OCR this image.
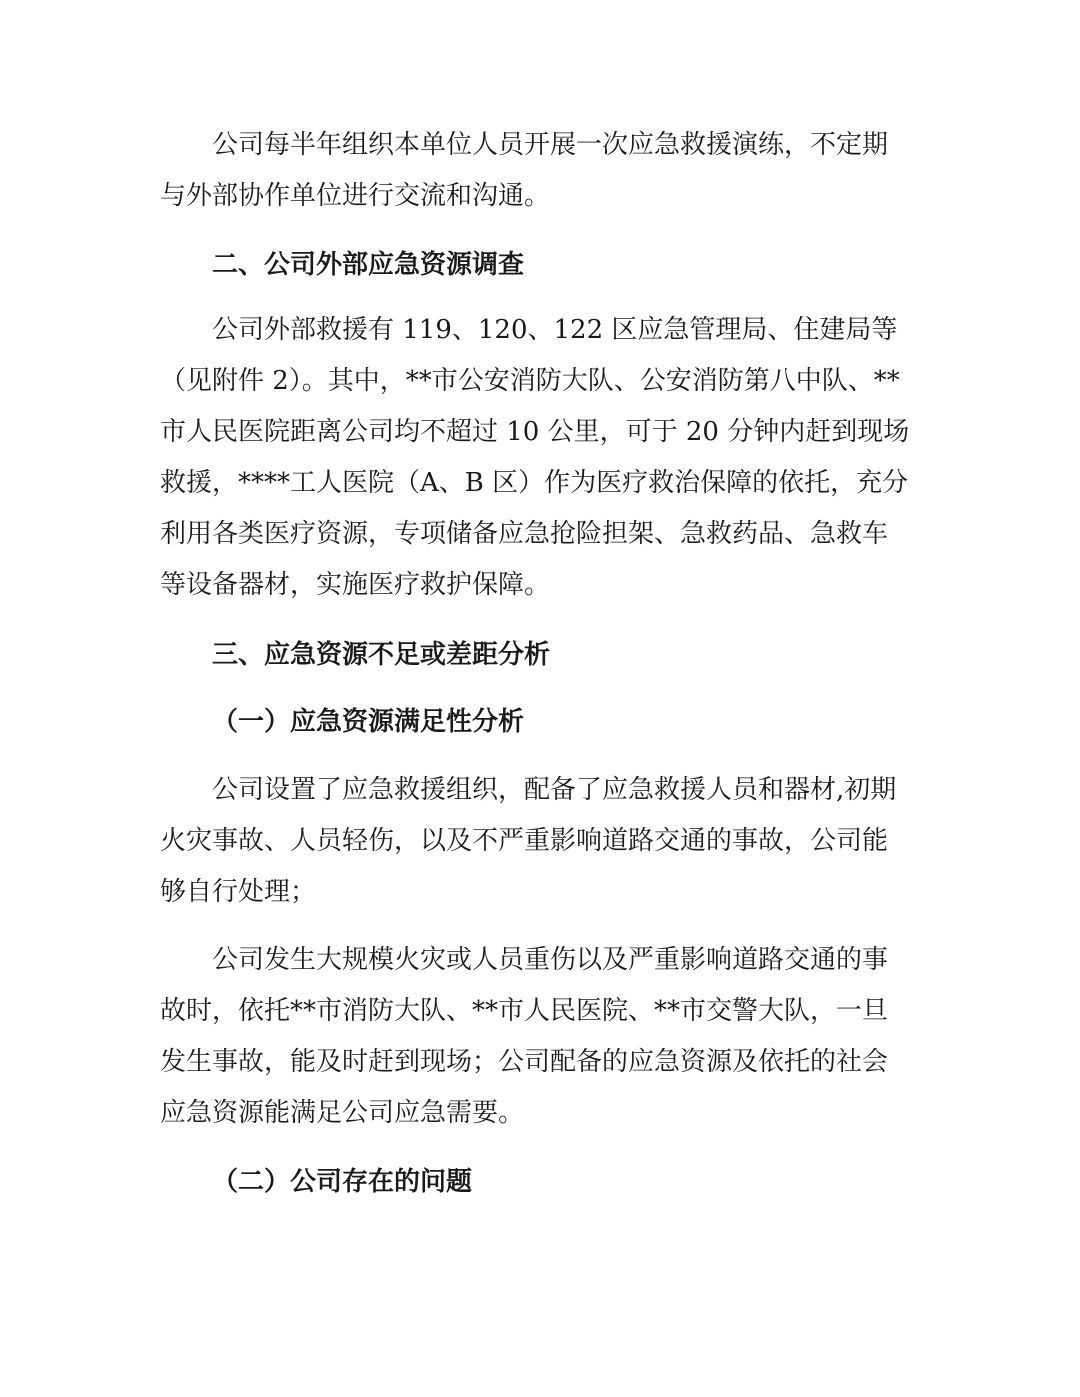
公司每半年组织本单位人员开展一次应急救援演练，不定期
与外部协作单位进行交流和沟通。
二、公司外部应急资源调查
公司外部救援有 119、120、122 区应急管理局、住建局等
（见附件 2）。其中，**市公安消防大队、公安消防第八中队、**
市人民医院距离公司均不超过 10 公里，可于 20 分钟内赶到现场
救援，****工人医院（A、B 区）作为医疗救治保障的依托，充分
利用各类医疗资源，专项储备应急抢险担架、急救药品、急救车
等设备器材，实施医疗救护保障。
三、应急资源不足或差距分析
（一）应急资源满足性分析
公司设置了应急救援组织，配备了应急救援人员和器材,初期
火灾事故、人员轻伤，以及不严重影响道路交通的事故，公司能
够自行处理；
公司发生大规模火灾或人员重伤以及严重影响道路交通的事
故时，依托**市消防大队、**市人民医院、**市交警大队，一旦
发生事故，能及时赶到现场；公司配备的应急资源及依托的社会
应急资源能满足公司应急需要。
（二）公司存在的问题
